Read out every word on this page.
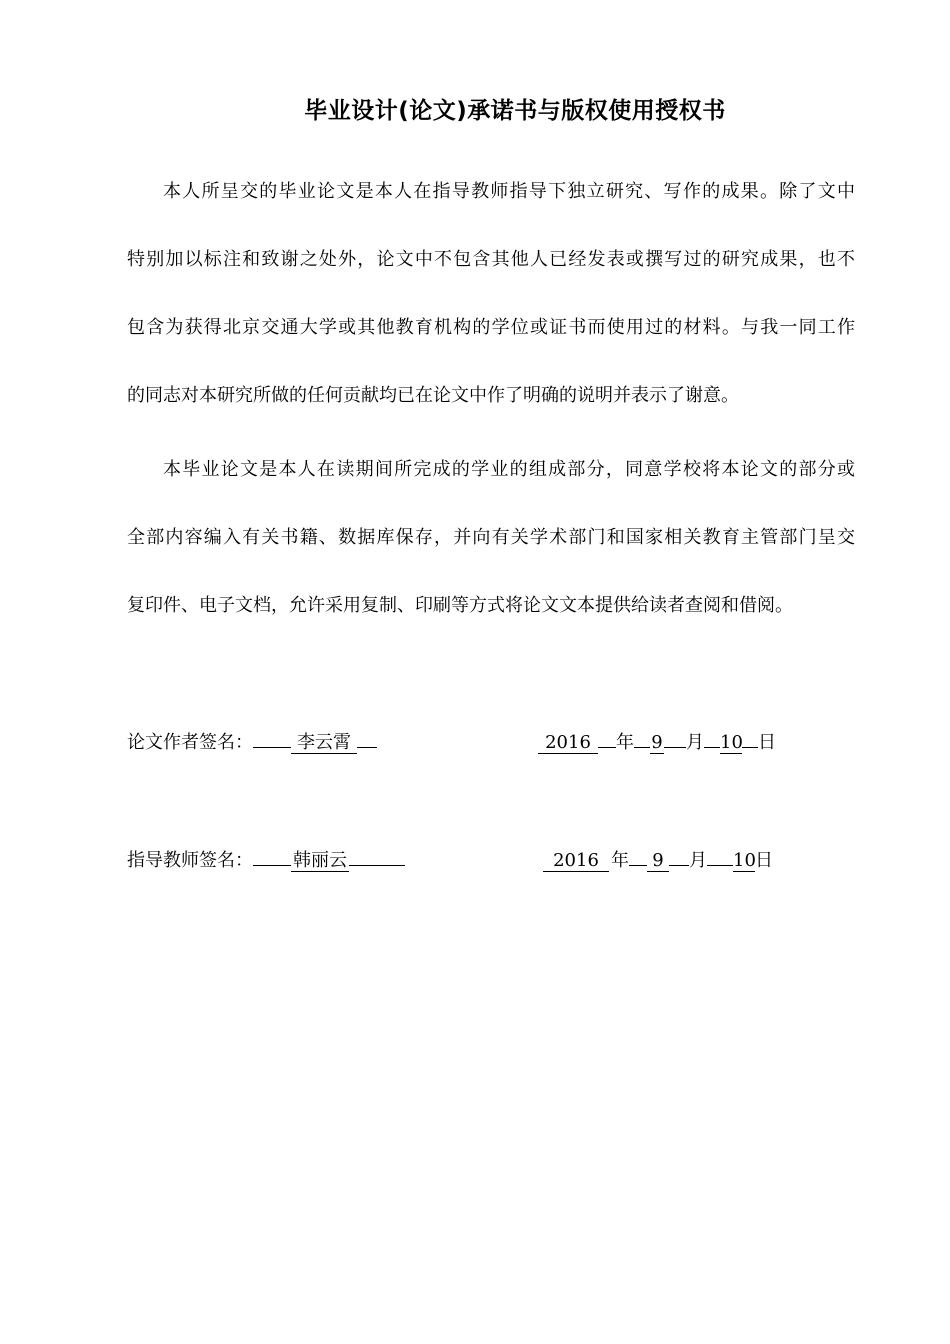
毕业设计(论文)承诺书与版权使用授权书
本人所呈交的毕业论文是本人在指导教师指导下独立研究、写作的成果。除了文中
特别加以标注和致谢之处外，论文中不包含其他人已经发表或撰写过的研究成果，也不
包含为获得北京交通大学或其他教育机构的学位或证书而使用过的材料。与我一同工作
的同志对本研究所做的任何贡献均已在论文中作了明确的说明并表示了谢意。
本毕业论文是本人在读期间所完成的学业的组成部分，同意学校将本论文的部分或
全部内容编入有关书籍、数据库保存，并向有关学术部门和国家相关教育主管部门呈交
复印件、电子文档，允许采用复制、印刷等方式将论文文本提供给读者查阅和借阅。
论文作者签名： 李云霄	2016 年 9 月 10 日
指导教师签名： 韩丽云	2016 年 9 月 10日
